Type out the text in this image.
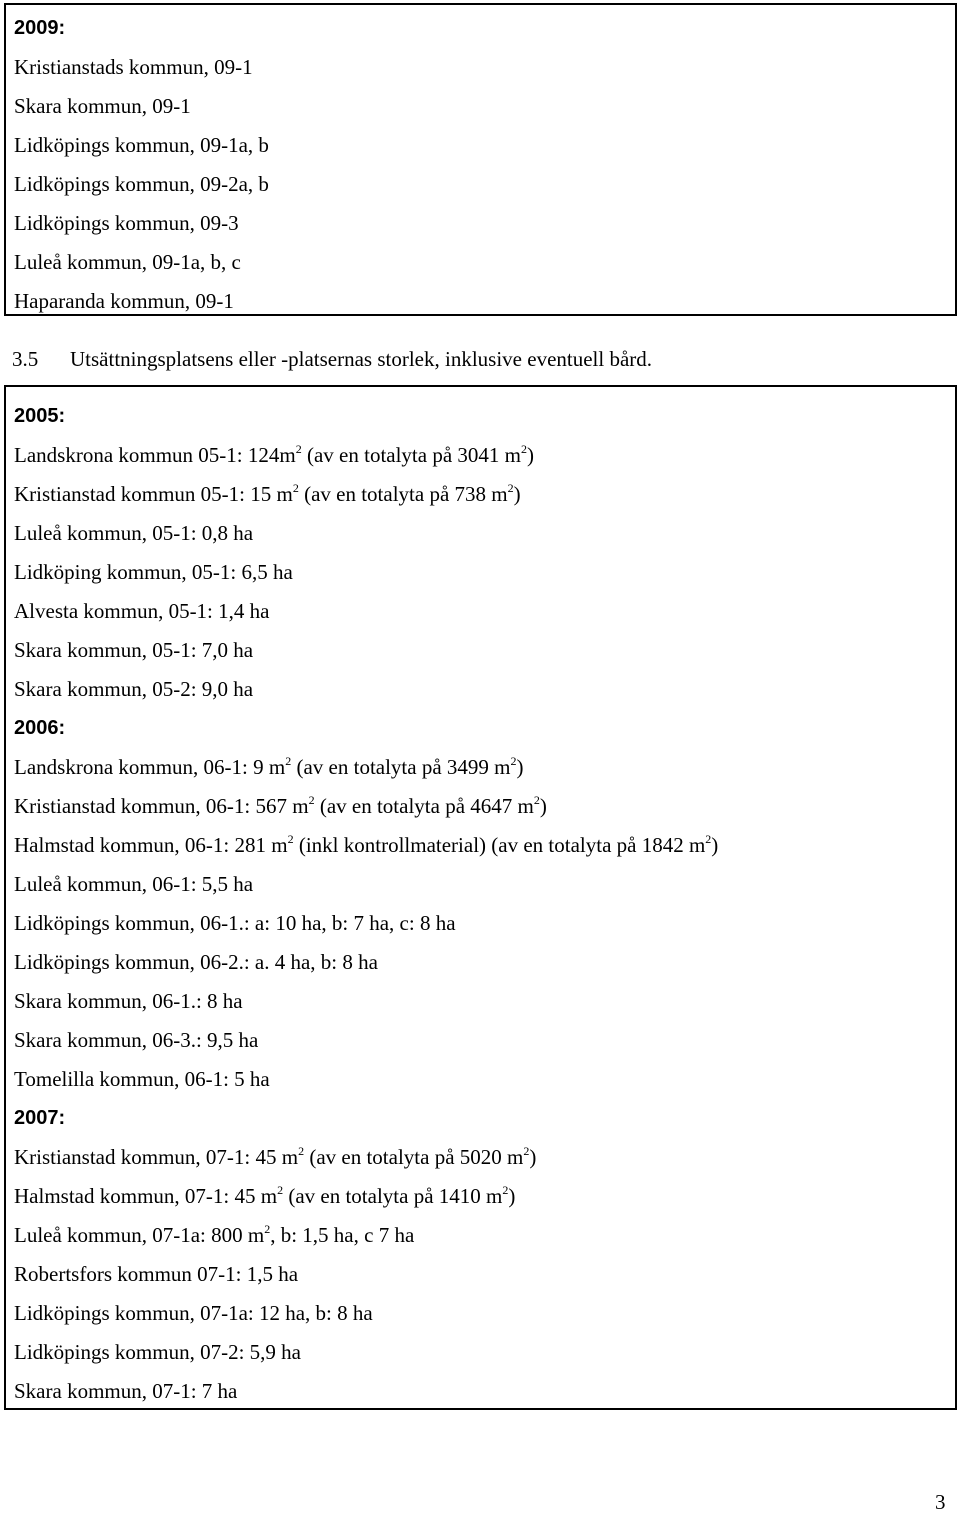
2009:
Kristianstads kommun, 09-1
Skara kommun, 09-1
Lidköpings kommun, 09-1a, b
Lidköpings kommun, 09-2a, b
Lidköpings kommun, 09-3
Luleå kommun, 09-1a, b, c
Haparanda kommun, 09-1
3.5 Utsättningsplatsens eller -platsernas storlek, inklusive eventuell bård.
2005:
Landskrona kommun 05-1: $124m^2$ (av en totalyta på 3041 $m^2$)
Kristianstad kommun 05-1: 15 $m^2$ (av en totalyta på 738 $m^2$)
Luleå kommun, 05-1: 0,8 ha
Lidköping kommun, 05-1: 6,5 ha
Alvesta kommun, 05-1: 1,4 ha
Skara kommun, 05-1: 7,0 ha
Skara kommun, 05-2: 9,0 ha
2006:
Landskrona kommun, 06-1: 9 $m^2$ (av en totalyta på 3499 $m^2$)
Kristianstad kommun, 06-1: 567 $m^2$ (av en totalyta på 4647 $m^2$)
Halmstad kommun, 06-1: 281 $m^2$ (inkl kontrollmaterial) (av en totalyta på 1842 $m^2$)
Luleå kommun, 06-1: 5,5 ha
Lidköpings kommun, 06-1.: a: 10 ha, b: 7 ha, c: 8 ha
Lidköpings kommun, 06-2.: a. 4 ha, b: 8 ha
Skara kommun, 06-1.: 8 ha
Skara kommun, 06-3.: 9,5 ha
Tomelilla kommun, 06-1: 5 ha
2007:
Kristianstad kommun, 07-1: 45 $m^2$ (av en totalyta på 5020 $m^2$)
Halmstad kommun, 07-1: 45 $m^2$ (av en totalyta på 1410 $m^2$)
Luleå kommun, 07-1a: 800 $m^2$, b: 1,5 ha, c 7 ha
Robertsfors kommun 07-1: 1,5 ha
Lidköpings kommun, 07-1a: 12 ha, b: 8 ha
Lidköpings kommun, 07-2: 5,9 ha
Skara kommun, 07-1: 7 ha
3
